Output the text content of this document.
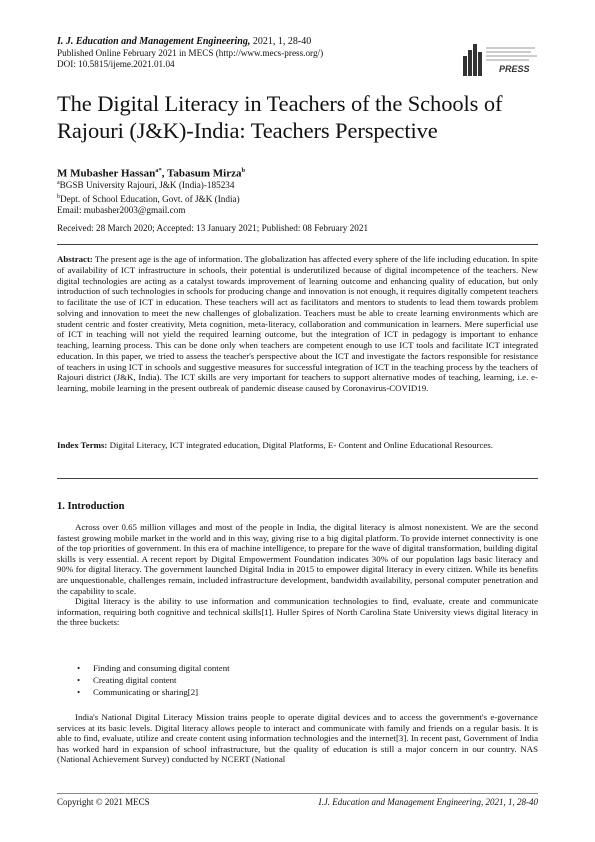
I. J. Education and Management Engineering, 2021, 1, 28-40
Published Online February 2021 in MECS (http://www.mecs-press.org/)
DOI: 10.5815/ijeme.2021.01.04	PRESS
The Digital Literacy in Teachers of the Schools of Rajouri (J&K)-India: Teachers Perspective
M Mubasher Hassan$^{a*}$, Tabasum Mirza$^b$
$^a$BGSB University Rajouri, J&K (India)-185234
$^b$Dept. of School Education, Govt. of J&K (India)
Email: mubasher2003@gmail.com
Received: 28 March 2020; Accepted: 13 January 2021; Published: 08 February 2021
Abstract: The present age is the age of information. The globalization has affected every sphere of the life including education. In spite of availability of ICT infrastructure in schools, their potential is underutilized because of digital incompetence of the teachers. New digital technologies are acting as a catalyst towards improvement of learning outcome and enhancing quality of education, but only introduction of such technologies in schools for producing change and innovation is not enough, it requires digitally competent teachers to facilitate the use of ICT in education. These teachers will act as facilitators and mentors to students to lead them towards problem solving and innovation to meet the new challenges of globalization. Teachers must be able to create learning environments which are student centric and foster creativity, Meta cognition, meta-literacy, collaboration and communication in learners. Mere superficial use of ICT in teaching will not yield the required learning outcome, but the integration of ICT in pedagogy is important to enhance teaching, learning process. This can be done only when teachers are competent enough to use ICT tools and facilitate ICT integrated education. In this paper, we tried to assess the teacher's perspective about the ICT and investigate the factors responsible for resistance of teachers in using ICT in schools and suggestive measures for successful integration of ICT in the teaching process by the teachers of Rajouri district (J&K, India). The ICT skills are very important for teachers to support alternative modes of teaching, learning, i.e. e-learning, mobile learning in the present outbreak of pandemic disease caused by Coronavirus-COVID19.
Index Terms: Digital Literacy, ICT integrated education, Digital Platforms, E- Content and Online Educational Resources.
1. Introduction

Across over 0.65 million villages and most of the people in India, the digital literacy is almost nonexistent. We are the second fastest growing mobile market in the world and in this way, giving rise to a big digital platform. To provide internet connectivity is one of the top priorities of government. In this era of machine intelligence, to prepare for the wave of digital transformation, building digital skills is very essential. A recent report by Digital Empowerment Foundation indicates 30% of our population lags basic literacy and 90% for digital literacy. The government launched Digital India in 2015 to empower digital literacy in every citizen. While its benefits are unquestionable, challenges remain, included infrastructure development, bandwidth availability, personal computer penetration and the capability to scale.

Digital literacy is the ability to use information and communication technologies to find, evaluate, create and communicate information, requiring both cognitive and technical skills[1]. Huller Spires of North Carolina State University views digital literacy in the three buckets:

• Finding and consuming digital content
• Creating digital content
• Communicating or sharing[2]

India's National Digital Literacy Mission trains people to operate digital devices and to access the government's e-governance services at its basic levels. Digital literacy allows people to interact and communicate with family and friends on a regular basis. It is able to find, evaluate, utilize and create content using information technologies and the internet[3]. In recent past, Government of India has worked hard in expansion of school infrastructure, but the quality of education is still a major concern in our country. NAS (National Achievement Survey) conducted by NCERT (National

Copyright © 2021 MECS	I.J. Education and Management Engineering, 2021, 1, 28-40
